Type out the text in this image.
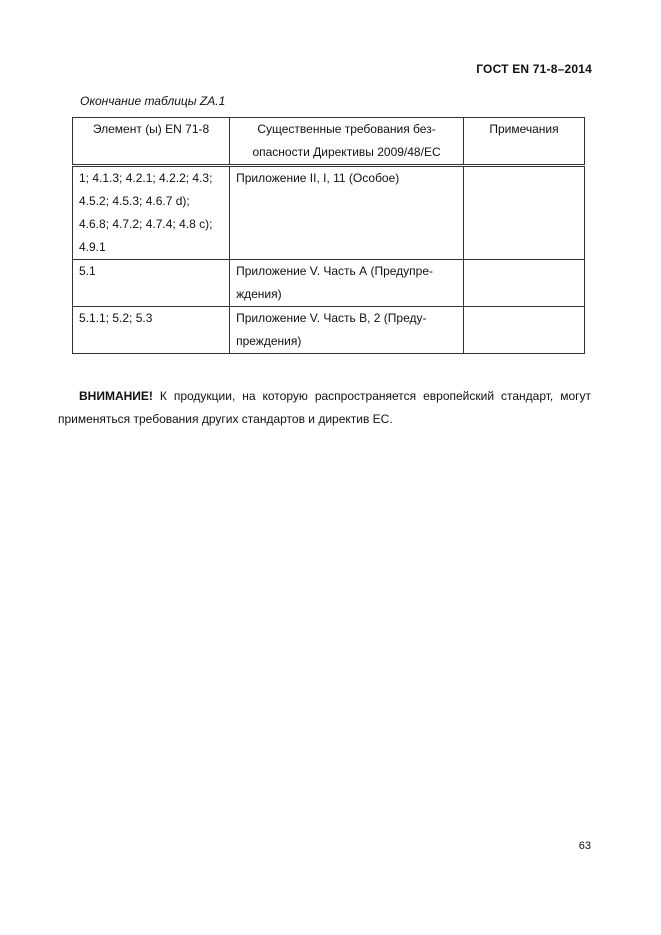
ГОСТ EN 71-8–2014
Окончание таблицы ZA.1
Элемент (ы) EN 71-8	Существенные требования без-опасности Директивы 2009/48/ЕС	Примечания
1; 4.1.3; 4.2.1; 4.2.2; 4.3; 4.5.2; 4.5.3; 4.6.7 d); 4.6.8; 4.7.2; 4.7.4; 4.8 c); 4.9.1	Приложение II, I, 11 (Особое)	
5.1	Приложение V. Часть А (Предупре-ждения)	
5.1.1; 5.2; 5.3	Приложение V. Часть В, 2 (Преду-преждения)	

ВНИМАНИЕ! К продукции, на которую распространяется европейский стандарт, могут применяться требования других стандартов и директив ЕС.

63
